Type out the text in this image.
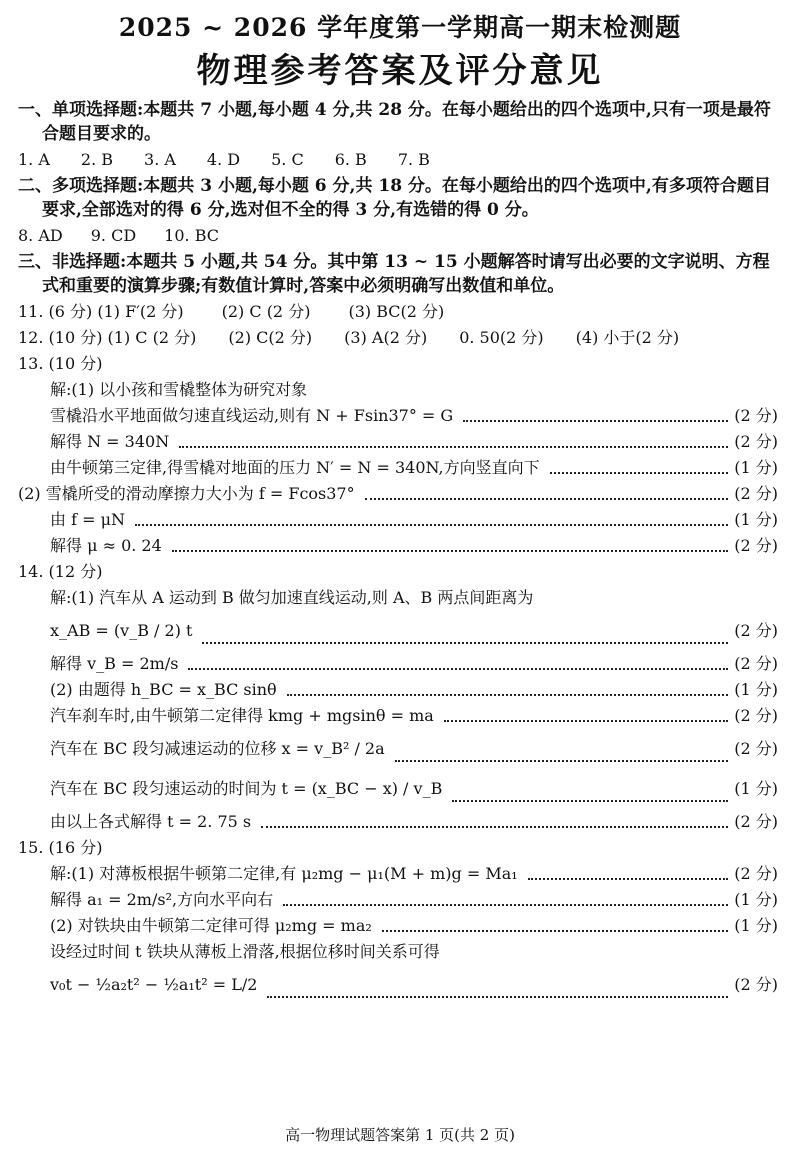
2025 ~ 2026 学年度第一学期高一期末检测题
物理参考答案及评分意见
一、单项选择题:本题共 7 小题,每小题 4 分,共 28 分。在每小题给出的四个选项中,只有一项是最符合题目要求的。
1. A 2. B 3. A 4. D 5. C 6. B 7. B
二、多项选择题:本题共 3 小题,每小题 6 分,共 18 分。在每小题给出的四个选项中,有多项符合题目要求,全部选对的得 6 分,选对但不全的得 3 分,有选错的得 0 分。
8. AD 9. CD 10. BC
三、非选择题:本题共 5 小题,共 54 分。其中第 13 ~ 15 小题解答时请写出必要的文字说明、方程式和重要的演算步骤;有数值计算时,答案中必须明确写出数值和单位。
11. (6 分) (1) F′(2 分) (2) C (2 分) (3) BC(2 分)
12. (10 分) (1) C (2 分) (2) C(2 分) (3) A(2 分) 0. 50(2 分) (4) 小于(2 分)
13. (10 分)
解:(1) 以小孩和雪橇整体为研究对象
雪橇沿水平地面做匀速直线运动,则有 N + Fsin37° = G	(2 分)
解得 N = 340N	(2 分)
由牛顿第三定律,得雪橇对地面的压力 N′ = N = 340N,方向竖直向下	(1 分)
(2) 雪橇所受的滑动摩擦力大小为 f = Fcos37°	(2 分)
由 f = μN	(1 分)
解得 μ ≈ 0. 24	(2 分)
14. (12 分)
解:(1) 汽车从 A 运动到 B 做匀加速直线运动,则 A、B 两点间距离为
x_AB = (v_B / 2) t	(2 分)
解得 v_B = 2m/s	(2 分)
(2) 由题得 h_BC = x_BC sinθ	(1 分)
汽车刹车时,由牛顿第二定律得 kmg + mgsinθ = ma	(2 分)
汽车在 BC 段匀减速运动的位移 x = v_B² / 2a	(2 分)
汽车在 BC 段匀速运动的时间为 t = (x_BC − x) / v_B	(1 分)
由以上各式解得 t = 2. 75 s	(2 分)
15. (16 分)
解:(1) 对薄板根据牛顿第二定律,有 μ₂mg − μ₁(M + m)g = Ma₁	(2 分)
解得 a₁ = 2m/s²,方向水平向右	(1 分)
(2) 对铁块由牛顿第二定律可得 μ₂mg = ma₂	(1 分)
设经过时间 t 铁块从薄板上滑落,根据位移时间关系可得
v₀t − ½a₂t² − ½a₁t² = L/2	(2 分)
高一物理试题答案第 1 页(共 2 页)
